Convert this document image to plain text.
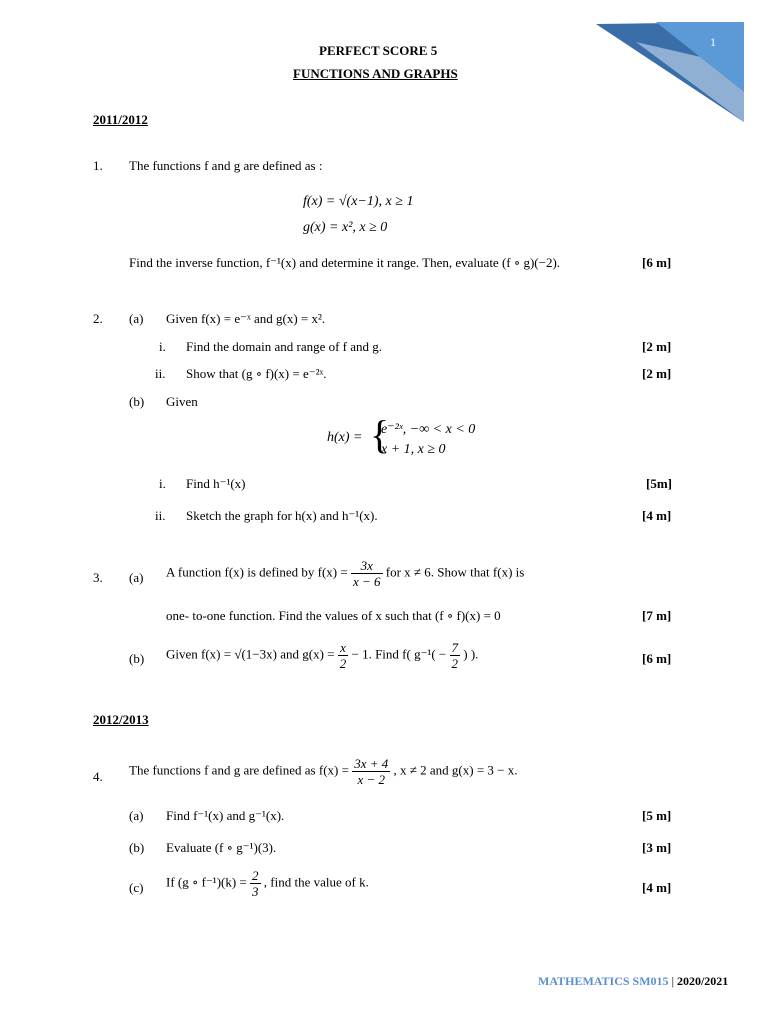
1
PERFECT SCORE 5
FUNCTIONS AND GRAPHS
2011/2012
1. The functions f and g are defined as :
f(x) = √(x−1), x ≥ 1
g(x) = x², x ≥ 0
Find the inverse function, f⁻¹(x) and determine it range. Then, evaluate (f ∘ g)(−2).	[6 m]
2. (a) Given f(x) = e⁻ˣ and g(x) = x².
i. Find the domain and range of f and g.	[2 m]
ii. Show that (g ∘ f)(x) = e⁻²ˣ.	[2 m]
(b) Given
h(x) = {
e⁻²ˣ, −∞ < x < 0
x + 1, x ≥ 0
i. Find h⁻¹(x)	[5m]
ii. Sketch the graph for h(x) and h⁻¹(x).	[4 m]
3. (a) A function f(x) is defined by $f(x) = \frac{3x}{x - 6}$ for x ≠ 6. Show that f(x) is
one- to-one function. Find the values of x such that (f ∘ f)(x) = 0	[7 m]
(b) Given f(x) = √(1−3x) and $g(x) = \frac{x}{2} - 1$. Find f( $g^{-1}( - \frac{7}{2}$ ) ).	[6 m]
2012/2013
4. The functions f and g are defined as $f(x) = \frac{3x + 4}{x - 2}$ , x ≠ 2 and g(x) = 3 − x.
(a) Find f⁻¹(x) and g⁻¹(x).	[5 m]
(b) Evaluate (f ∘ g⁻¹)(3).	[3 m]
(c) If (g ∘ $f^{-1})(k) = \frac{2}{3}$ , find the value of k.	[4 m]
MATHEMATICS SM015 | 2020/2021
